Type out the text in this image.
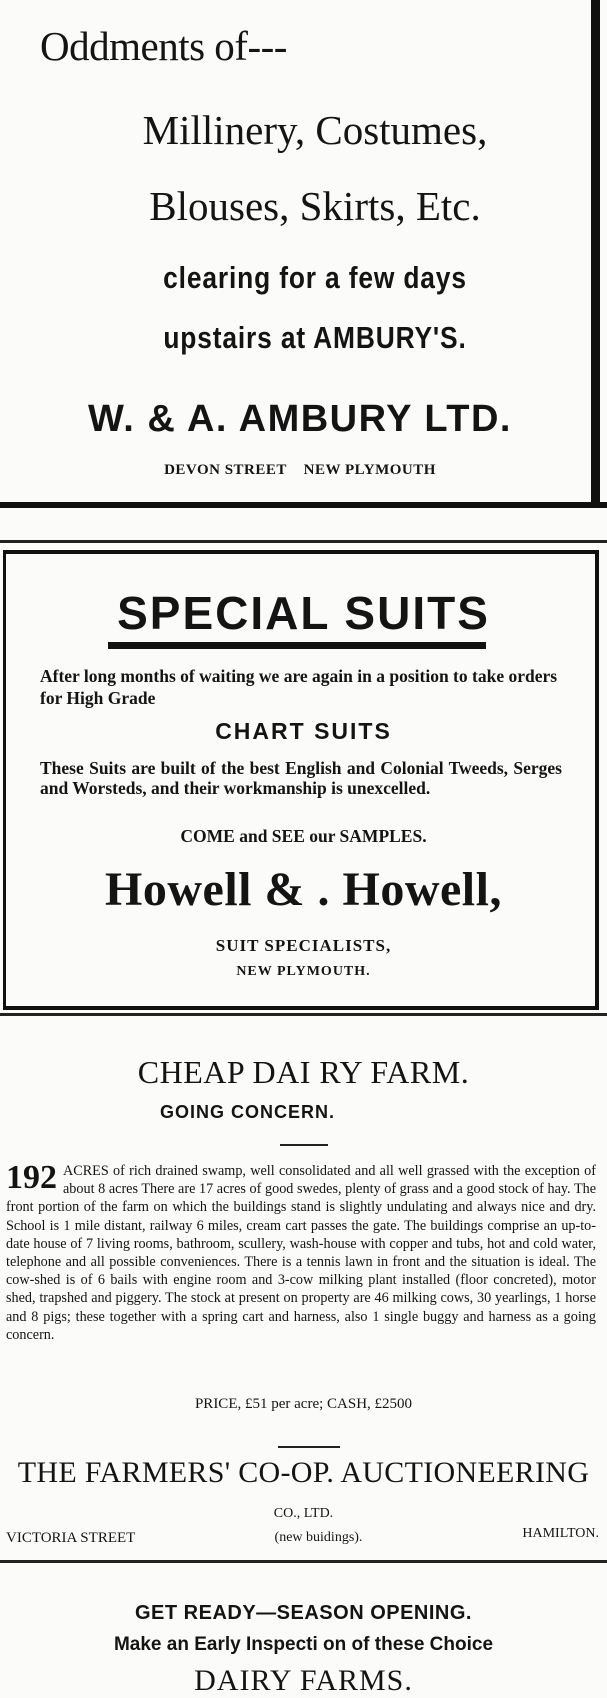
Oddments of---
Millinery, Costumes,
Blouses, Skirts, Etc.
clearing for a few days
upstairs at AMBURY'S.
W. & A. AMBURY LTD.
DEVON STREET    NEW PLYMOUTH
SPECIAL SUITS
After long months of waiting we are again in a position to take orders for High Grade
CHART SUITS
These Suits are built of the best English and Colonial Tweeds, Serges and Worsteds, and their workmanship is unexcelled.
COME and SEE our SAMPLES.
Howell & . Howell,
SUIT SPECIALISTS,
NEW PLYMOUTH.
CHEAP DAI RY FARM.
GOING CONCERN.
192 ACRES of rich drained swamp, well consolidated and all well grassed with the exception of about 8 acres There are 17 acres of good swedes, plenty of grass and a good stock of hay. The front portion of the farm on which the buildings stand is slightly undulating and always nice and dry. School is 1 mile distant, railway 6 miles, cream cart passes the gate. The buildings comprise an up-to-date house of 7 living rooms, bathroom, scullery, wash-house with copper and tubs, hot and cold water, telephone and all possible conveniences. There is a tennis lawn in front and the situation is ideal. The cow-shed is of 6 bails with engine room and 3-cow milking plant installed (floor concreted), motor shed, trapshed and piggery. The stock at present on property are 46 milking cows, 30 yearlings, 1 horse and 8 pigs; these together with a spring cart and harness, also 1 single buggy and harness as a going concern.
PRICE, £51 per acre; CASH, £2500
THE FARMERS' CO-OP. AUCTIONEERING
CO., LTD.
VICTORIA STREET	(new buidings).	HAMILTON.
GET READY—SEASON OPENING.
Make an Early Inspecti on of these Choice
DAIRY FARMS.
